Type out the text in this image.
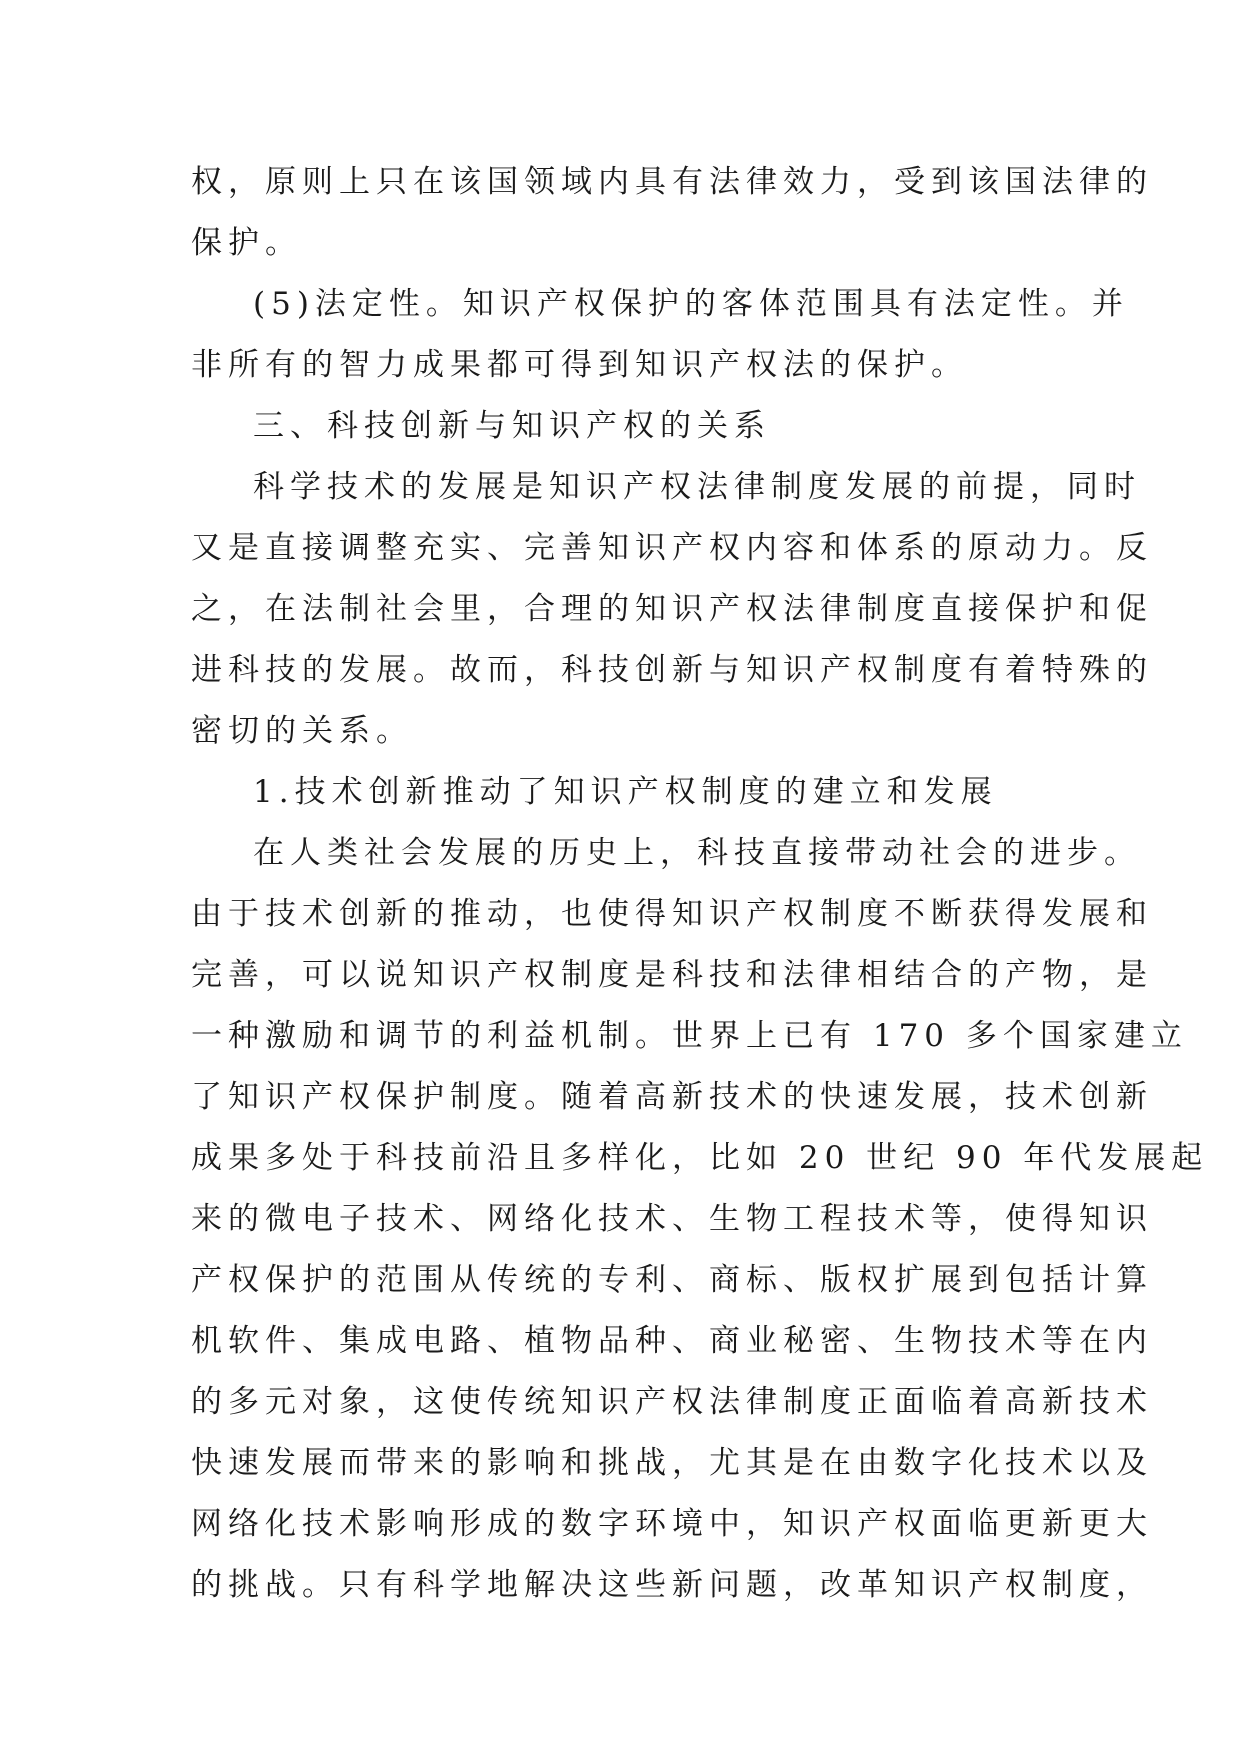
权，原则上只在该国领域内具有法律效力，受到该国法律的
保护。
(5)法定性。知识产权保护的客体范围具有法定性。并
非所有的智力成果都可得到知识产权法的保护。
三、科技创新与知识产权的关系
科学技术的发展是知识产权法律制度发展的前提，同时
又是直接调整充实、完善知识产权内容和体系的原动力。反
之，在法制社会里，合理的知识产权法律制度直接保护和促
进科技的发展。故而，科技创新与知识产权制度有着特殊的
密切的关系。
1.技术创新推动了知识产权制度的建立和发展
在人类社会发展的历史上，科技直接带动社会的进步。
由于技术创新的推动，也使得知识产权制度不断获得发展和
完善，可以说知识产权制度是科技和法律相结合的产物，是
一种激励和调节的利益机制。世界上已有 170 多个国家建立
了知识产权保护制度。随着高新技术的快速发展，技术创新
成果多处于科技前沿且多样化，比如 20 世纪 90 年代发展起
来的微电子技术、网络化技术、生物工程技术等，使得知识
产权保护的范围从传统的专利、商标、版权扩展到包括计算
机软件、集成电路、植物品种、商业秘密、生物技术等在内
的多元对象，这使传统知识产权法律制度正面临着高新技术
快速发展而带来的影响和挑战，尤其是在由数字化技术以及
网络化技术影响形成的数字环境中，知识产权面临更新更大
的挑战。只有科学地解决这些新问题，改革知识产权制度，
